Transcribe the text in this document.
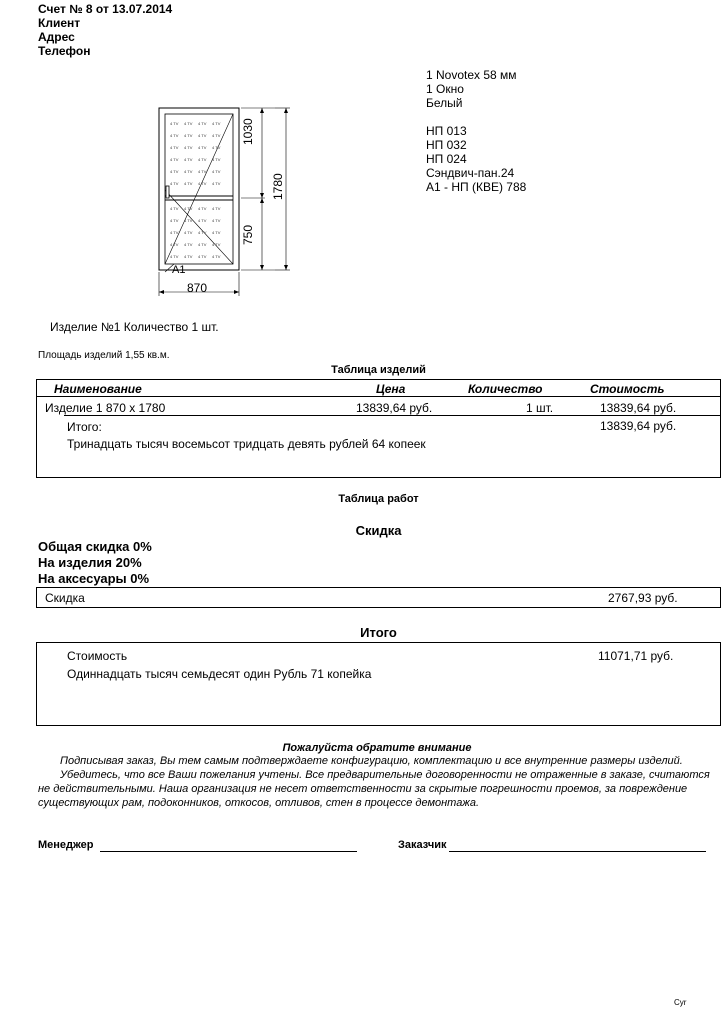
Счет № 8 от 13.07.2014
Клиент
Адрес
Телефон
4 TV 4 TV 4 TV 4 TV
4 TV 4 TV 4 TV 4 TV
4 TV 4 TV 4 TV 4 TV
4 TV 4 TV 4 TV 4 TV
4 TV 4 TV 4 TV 4 TV
4 TV 4 TV 4 TV 4 TV
4 TV 4 TV 4 TV 4 TV
4 TV 4 TV 4 TV 4 TV
4 TV 4 TV 4 TV 4 TV
4 TV 4 TV 4 TV 4 TV
4 TV 4 TV 4 TV 4 TV
А1
870
1030
750
1780
1 Novotex 58 мм
1 Окно
Белый
НП 013
НП 032
НП 024
Сэндвич-пан.24
А1 - НП (КВЕ) 788
Изделие №1 Количество 1 шт.
Площадь изделий 1,55 кв.м.
Таблица изделий
Наименование	Цена	Количество	Стоимость
Изделие 1 870 x 1780	13839,64 руб.	1 шт.	13839,64 руб.
Итого:	13839,64 руб.
Тринадцать тысяч восемьсот тридцать девять рублей 64 копеек
Таблица работ
Скидка
Общая скидка 0%
На изделия 20%
На аксесуары 0%
Скидка	2767,93 руб.
Итого
Стоимость	11071,71 руб.
Одиннадцать тысяч семьдесят один Рубль 71 копейка
Пожалуйста обратите внимание
Подписывая заказ, Вы тем самым подтверждаете конфигурацию, комплектацию и все внутренние размеры изделий.
Убедитесь, что все Ваши пожелания учтены. Все предварительные договоренности не отраженные в заказе, считаются
не действительными. Наша организация не несет ответственности за скрытые погрешности проемов, за повреждение
существующих рам, подоконников, откосов, отливов, стен в процессе демонтажа.
Менеджер	Заказчик
Cyr
